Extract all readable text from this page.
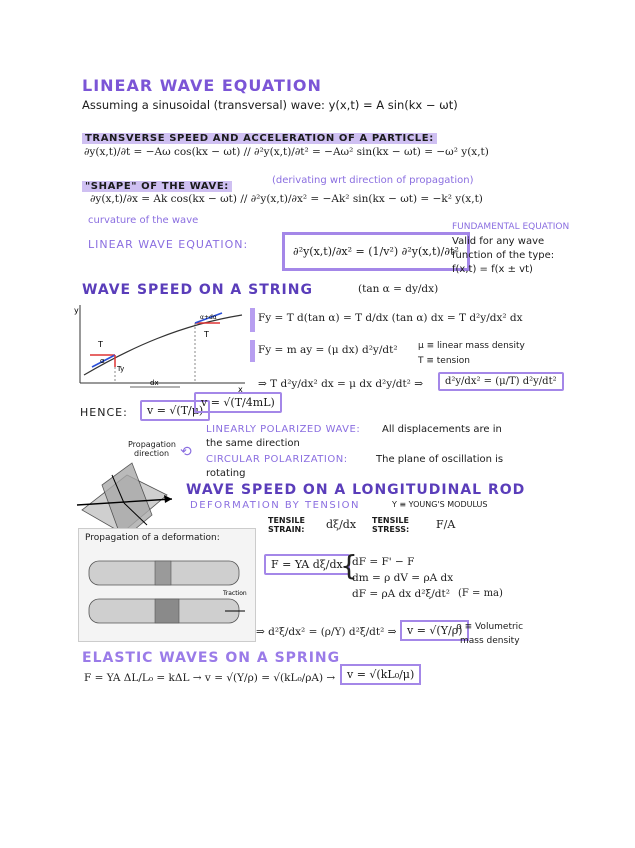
LINEAR WAVE EQUATION
Assuming a sinusoidal (transversal) wave: y(x,t) = A sin(kx − ωt)
TRANSVERSE SPEED AND ACCELERATION OF A PARTICLE:
∂y(x,t)/∂t = −Aω cos(kx − ωt) // ∂²y(x,t)/∂t² = −Aω² sin(kx − ωt) = −ω² y(x,t)
"SHAPE" OF THE WAVE:
(derivating wrt direction of propagation)
∂y(x,t)/∂x = Ak cos(kx − ωt) // ∂²y(x,t)/∂x² = −Ak² sin(kx − ωt) = −k² y(x,t)
curvature of the wave
FUNDAMENTAL EQUATION
LINEAR WAVE EQUATION:
∂²y(x,t)/∂x² = (1/v²) ∂²y(x,t)/∂t²
Valid for any wave
function of the type:
f(x,t) = f(x ± vt)
WAVE SPEED ON A STRING	(tan α = dy/dx)
y
x
T
T
Ty
α
dx
α+dα	Fy = T d(tan α) = T d/dx (tan α) dx = T d²y/dx² dx
Fy = m ay = (μ dx) d²y/dt² μ ≡ linear mass density
T ≡ tension
⇒ T d²y/dx² dx = μ dx d²y/dt² ⇒	d²y/dx² = (μ/T) d²y/dt²
HENCE:	v = √(T/μ)
v = √(T/4mL)
Propagation
direction ⟲
LINEARLY POLARIZED WAVE: All displacements are in
the same direction
CIRCULAR POLARIZATION:	The plane of oscillation is
rotating
WAVE SPEED ON A LONGITUDINAL ROD
DEFORMATION BY TENSION	Y ≡ YOUNG'S MODULUS
TENSILE STRAIN:	dξ/dx TENSILE STRESS:	F/A
Propagation of a deformation:
Traction
F = YA dξ/dx
{
dF = F' − F
dm = ρ dV = ρA dx
dF = ρA dx d²ξ/dt² (F = ma)
⇒ d²ξ/dx² = (ρ/Y) d²ξ/dt² ⇒ v = √(Y/ρ)
ρ ≡ Volumetric
mass density
ELASTIC WAVES ON A SPRING
F = YA ΔL/L₀ = kΔL → v = √(Y/ρ) = √(kL₀/ρA) →	v = √(kL₀/μ)
